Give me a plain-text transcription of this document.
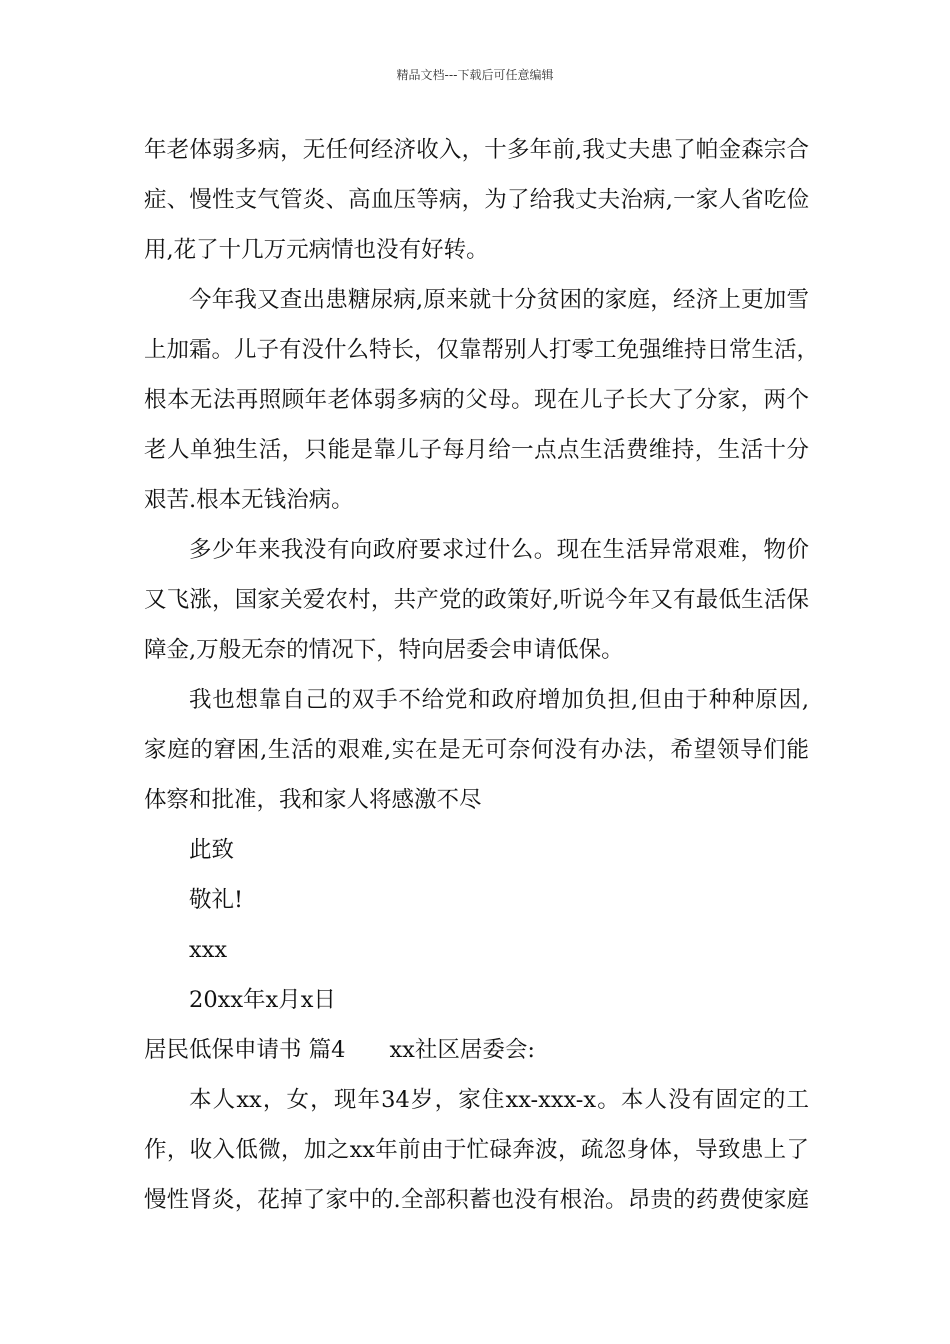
精品文档---下载后可任意编辑
年老体弱多病，无任何经济收入，十多年前,我丈夫患了帕金森宗合
症、慢性支气管炎、高血压等病，为了给我丈夫治病,一家人省吃俭
用,花了十几万元病情也没有好转。
今年我又查出患糖尿病,原来就十分贫困的家庭，经济上更加雪
上加霜。儿子有没什么特长，仅靠帮别人打零工免强维持日常生活，
根本无法再照顾年老体弱多病的父母。现在儿子长大了分家，两个
老人单独生活，只能是靠儿子每月给一点点生活费维持，生活十分
艰苦.根本无钱治病。
多少年来我没有向政府要求过什么。现在生活异常艰难，物价
又飞涨，国家关爱农村，共产党的政策好,听说今年又有最低生活保
障金,万般无奈的情况下，特向居委会申请低保。
我也想靠自己的双手不给党和政府增加负担,但由于种种原因,
家庭的窘困,生活的艰难,实在是无可奈何没有办法，希望领导们能
体察和批准，我和家人将感激不尽
此致
敬礼!
xxx
20xx年x月x日
居民低保申请书 篇4 xx社区居委会:
本人xx，女，现年34岁，家住xx-xxx-x。本人没有固定的工
作，收入低微，加之xx年前由于忙碌奔波，疏忽身体，导致患上了
慢性肾炎，花掉了家中的.全部积蓄也没有根治。昂贵的药费使家庭
